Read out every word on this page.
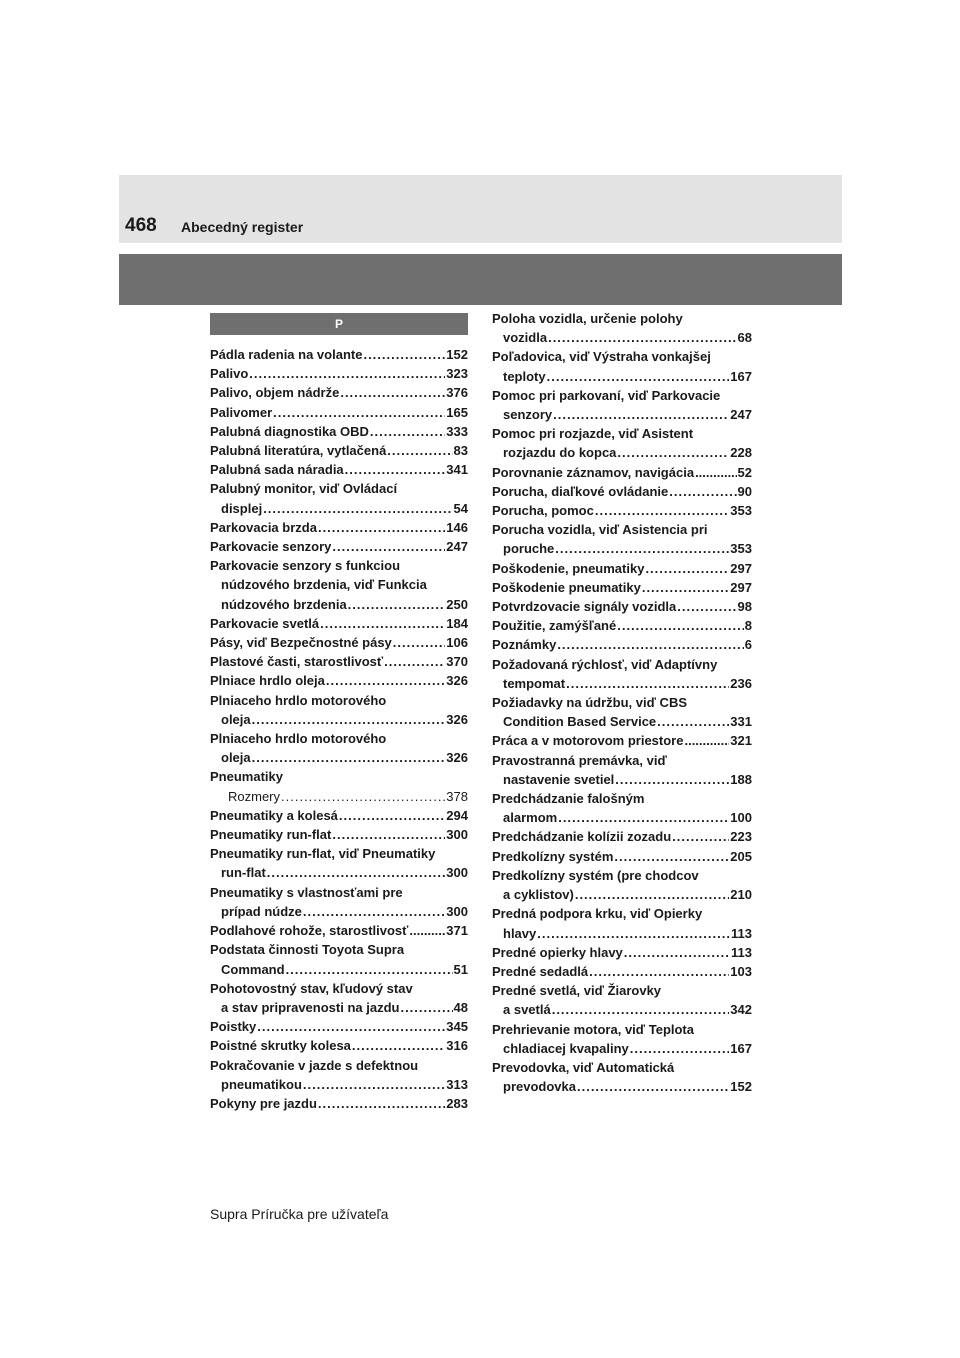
468 Abecedný register
P
Pádla radenia na volante .....	152
Palivo .....	323
Palivo, objem nádrže .....	376
Palivomer .....	165
Palubná diagnostika OBD .....	333
Palubná literatúra, vytlačená .....	83
Palubná sada náradia .....	341
Palubný monitor, viď Ovládací
displej .....	54
Parkovacia brzda .....	146
Parkovacie senzory .....	247
Parkovacie senzory s funkciou
núdzového brzdenia, viď Funkcia
núdzového brzdenia .....	250
Parkovacie svetlá .....	184
Pásy, viď Bezpečnostné pásy .....	106
Plastové časti, starostlivosť .....	370
Plniace hrdlo oleja .....	326
Plniaceho hrdlo motorového
oleja .....	326
Plniaceho hrdlo motorového
oleja .....	326
Pneumatiky
Rozmery .....	378
Pneumatiky a kolesá .....	294
Pneumatiky run-flat .....	300
Pneumatiky run-flat, viď Pneumatiky
run-flat .....	300
Pneumatiky s vlastnosťami pre
prípad núdze .....	300
Podlahové rohože, starostlivosť .....	371
Podstata činnosti Toyota Supra
Command .....	51
Pohotovostný stav, kľudový stav
a stav pripravenosti na jazdu .....	48
Poistky .....	345
Poistné skrutky kolesa .....	316
Pokračovanie v jazde s defektnou
pneumatikou .....	313
Pokyny pre jazdu .....	283
Poloha vozidla, určenie polohy
vozidla .....	68
Poľadovica, viď Výstraha vonkajšej
teploty .....	167
Pomoc pri parkovaní, viď Parkovacie
senzory .....	247
Pomoc pri rozjazde, viď Asistent
rozjazdu do kopca .....	228
Porovnanie záznamov, navigácia .....	52
Porucha, diaľkové ovládanie .....	90
Porucha, pomoc .....	353
Porucha vozidla, viď Asistencia pri
poruche .....	353
Poškodenie, pneumatiky .....	297
Poškodenie pneumatiky .....	297
Potvrdzovacie signály vozidla .....	98
Použitie, zamýšľané .....	8
Poznámky .....	6
Požadovaná rýchlosť, viď Adaptívny
tempomat .....	236
Požiadavky na údržbu, viď CBS
Condition Based Service .....	331
Práca a v motorovom priestore .....	321
Pravostranná premávka, viď
nastavenie svetiel .....	188
Predchádzanie falošným
alarmom .....	100
Predchádzanie kolízii zozadu .....	223
Predkolízny systém .....	205
Predkolízny systém (pre chodcov
a cyklistov) .....	210
Predná podpora krku, viď Opierky
hlavy .....	113
Predné opierky hlavy .....	113
Predné sedadlá .....	103
Predné svetlá, viď Žiarovky
a svetlá .....	342
Prehrievanie motora, viď Teplota
chladiacej kvapaliny .....	167
Prevodovka, viď Automatická
prevodovka .....	152
Supra Príručka pre užívateľa
